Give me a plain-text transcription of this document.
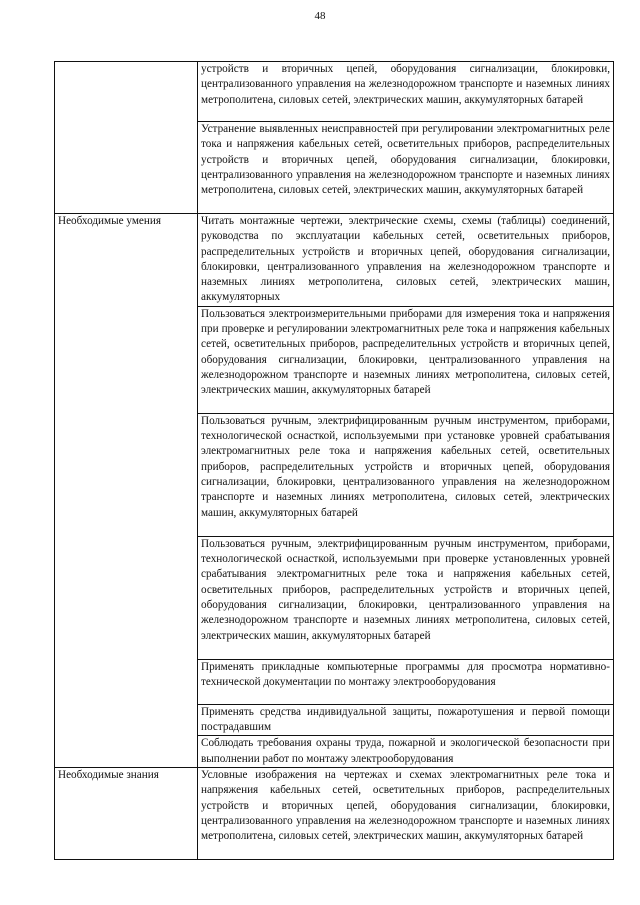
48
	устройств и вторичных цепей, оборудования сигнализации, блокировки, централизованного управления на железнодорожном транспорте и наземных линиях метрополитена, силовых сетей, электрических машин, аккумуляторных батарей
	Устранение выявленных неисправностей при регулировании электромагнитных реле тока и напряжения кабельных сетей, осветительных приборов, распределительных устройств и вторичных цепей, оборудования сигнализации, блокировки, централизованного управления на железнодорожном транспорте и наземных линиях метрополитена, силовых сетей, электрических машин, аккумуляторных батарей
Необходимые умения	Читать монтажные чертежи, электрические схемы, схемы (таблицы) соединений, руководства по эксплуатации кабельных сетей, осветительных приборов, распределительных устройств и вторичных цепей, оборудования сигнализации, блокировки, централизованного управления на железнодорожном транспорте и наземных линиях метрополитена, силовых сетей, электрических машин, аккумуляторных
	Пользоваться электроизмерительными приборами для измерения тока и напряжения при проверке и регулировании электромагнитных реле тока и напряжения кабельных сетей, осветительных приборов, распределительных устройств и вторичных цепей, оборудования сигнализации, блокировки, централизованного управления на железнодорожном транспорте и наземных линиях метрополитена, силовых сетей, электрических машин, аккумуляторных батарей
	Пользоваться ручным, электрифицированным ручным инструментом, приборами, технологической оснасткой, используемыми при установке уровней срабатывания электромагнитных реле тока и напряжения кабельных сетей, осветительных приборов, распределительных устройств и вторичных цепей, оборудования сигнализации, блокировки, централизованного управления на железнодорожном транспорте и наземных линиях метрополитена, силовых сетей, электрических машин, аккумуляторных батарей
	Пользоваться ручным, электрифицированным ручным инструментом, приборами, технологической оснасткой, используемыми при проверке установленных уровней срабатывания электромагнитных реле тока и напряжения кабельных сетей, осветительных приборов, распределительных устройств и вторичных цепей, оборудования сигнализации, блокировки, централизованного управления на железнодорожном транспорте и наземных линиях метрополитена, силовых сетей, электрических машин, аккумуляторных батарей
	Применять прикладные компьютерные программы для просмотра нормативно-технической документации по монтажу электрооборудования
	Применять средства индивидуальной защиты, пожаротушения и первой помощи пострадавшим
	Соблюдать требования охраны труда, пожарной и экологической безопасности при выполнении работ по монтажу электрооборудования
Необходимые знания	Условные изображения на чертежах и схемах электромагнитных реле тока и напряжения кабельных сетей, осветительных приборов, распределительных устройств и вторичных цепей, оборудования сигнализации, блокировки, централизованного управления на железнодорожном транспорте и наземных линиях метрополитена, силовых сетей, электрических машин, аккумуляторных батарей
